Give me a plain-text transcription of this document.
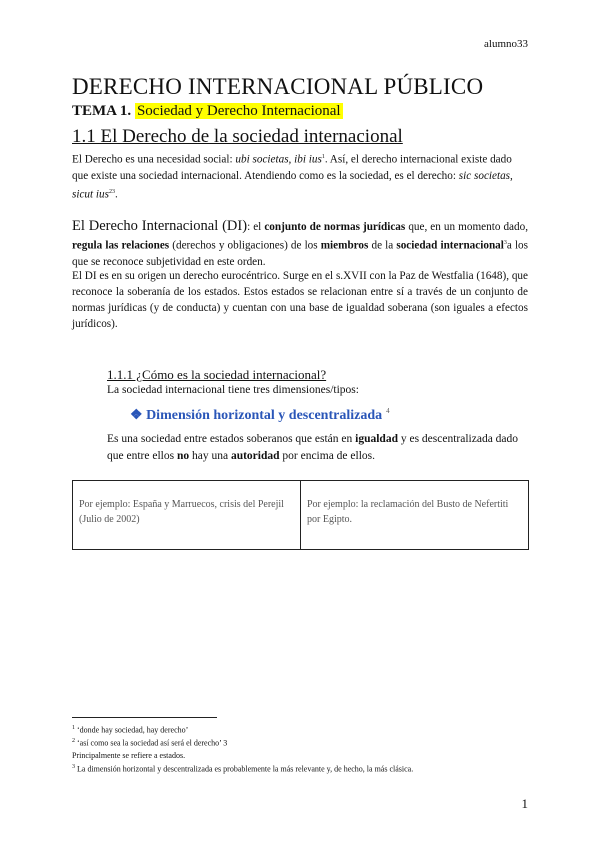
alumno33
DERECHO INTERNACIONAL PÚBLICO
TEMA 1. Sociedad y Derecho Internacional
1.1 El Derecho de la sociedad internacional
El Derecho es una necesidad social: ubi societas, ibi ius$^1$. Así, el derecho internacional existe dado que existe una sociedad internacional. Atendiendo como es la sociedad, es el derecho: sic societas, sicut ius$^{23}$.
El Derecho Internacional (DI): el conjunto de normas jurídicas que, en un momento dado, regula las relaciones (derechos y obligaciones) de los miembros de la sociedad internacional$^3$a los que se reconoce subjetividad en este orden.
El DI es en su origen un derecho eurocéntrico. Surge en el s.XVII con la Paz de Westfalia (1648), que reconoce la soberanía de los estados. Estos estados se relacionan entre sí a través de un conjunto de normas jurídicas (y de conducta) y cuentan con una base de igualdad soberana (son iguales a efectos jurídicos).
1.1.1 ¿Cómo es la sociedad internacional?
La sociedad internacional tiene tres dimensiones/tipos:
❖ Dimensión horizontal y descentralizada $^4$
Es una sociedad entre estados soberanos que están en igualdad y es descentralizada dado que entre ellos no hay una autoridad por encima de ellos.
Por ejemplo: España y Marruecos, crisis del Perejil (Julio de 2002)
Por ejemplo: la reclamación del Busto de Nefertiti por Egipto.
$^1$ ‘donde hay sociedad, hay derecho’
$^2$ ‘así como sea la sociedad así será el derecho’ 3
Principalmente se refiere a estados.
$^3$ La dimensión horizontal y descentralizada es probablemente la más relevante y, de hecho, la más clásica.
1
